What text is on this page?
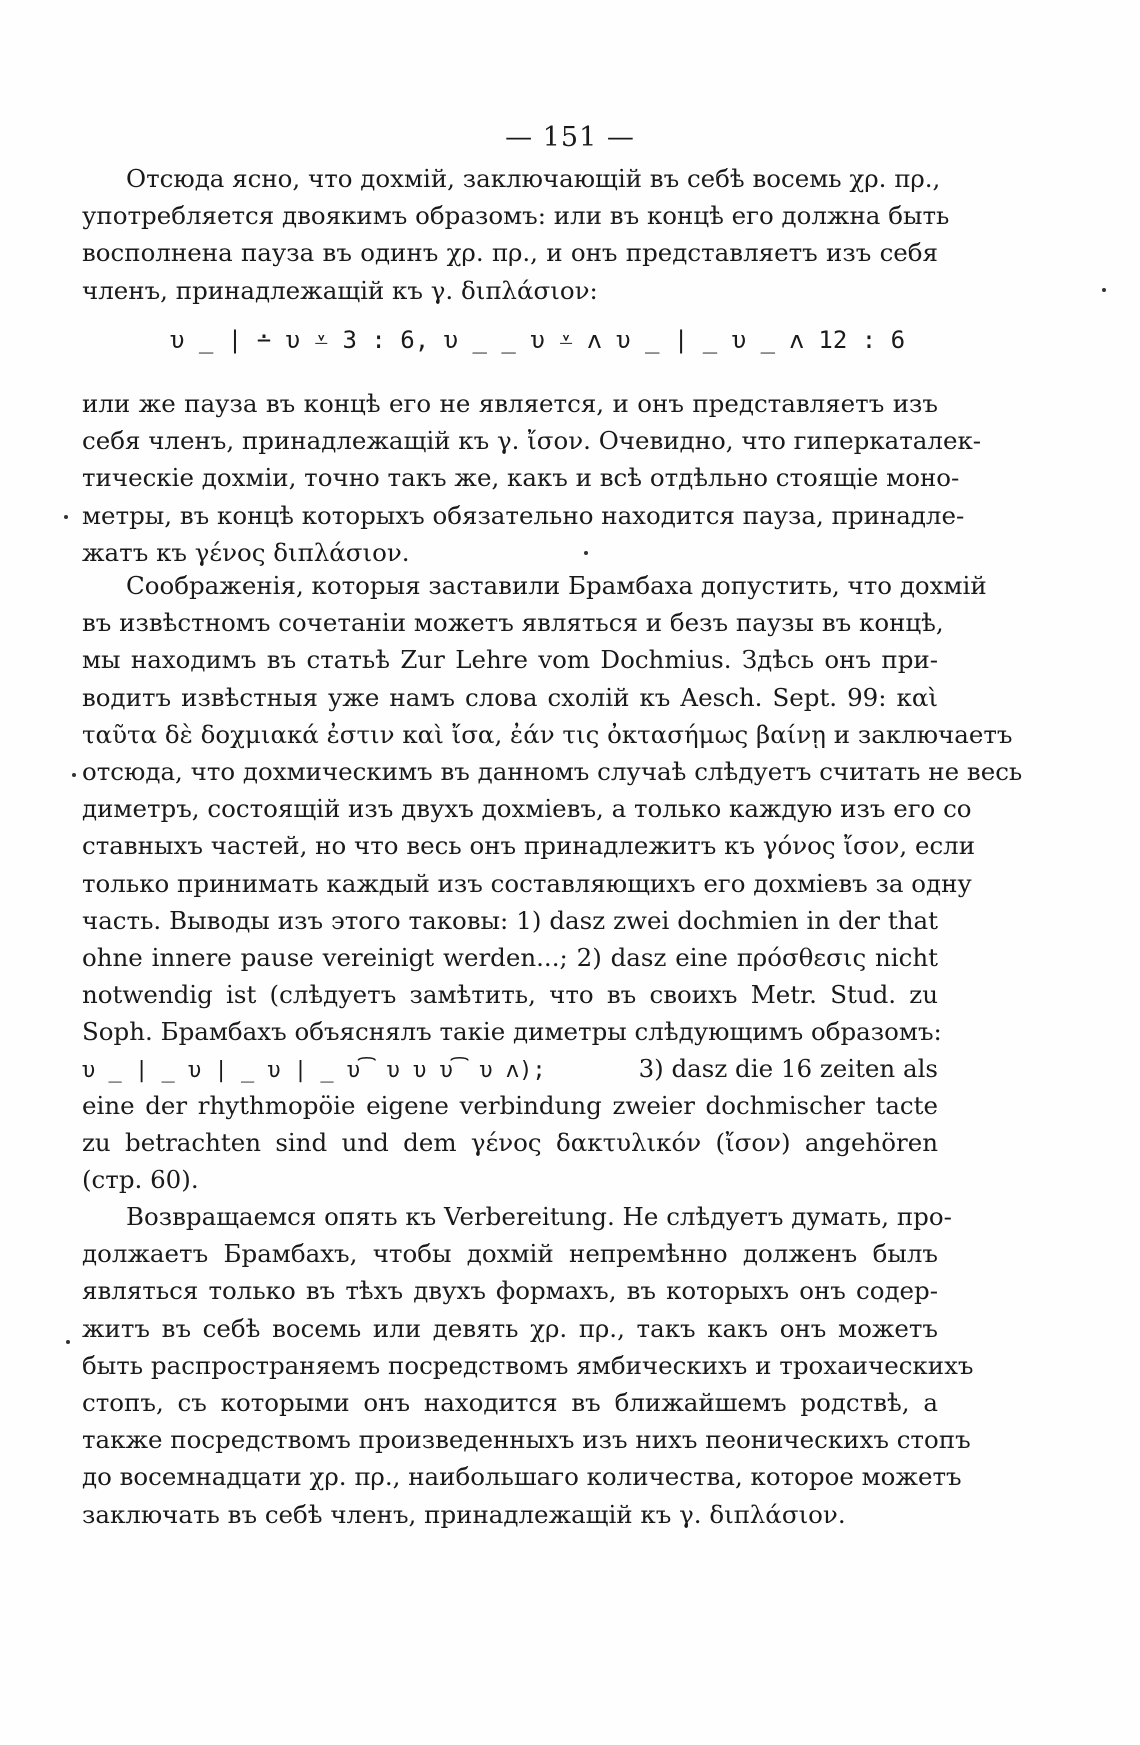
— 151 —
Отсюда ясно, что дохмій, заключающій въ себѣ восемь χρ. πρ.,
употребляется двоякимъ образомъ: или въ концѣ его должна быть
восполнена пауза въ одинъ χρ. πρ., и онъ представляетъ изъ себя
членъ, принадлежащій къ γ. διπλάσιον:
υ _ | ∸ υ ⩡ 3 : 6, υ _ _ υ ⩡ ʌ υ _ | _ υ _ ʌ 12 : 6
или же пауза въ концѣ его не является, и онъ представляетъ изъ
себя членъ, принадлежащій къ γ. ἴσον. Очевидно, что гиперкаталек-
тическіе дохміи, точно такъ же, какъ и всѣ отдѣльно стоящіе моно-
метры, въ концѣ которыхъ обязательно находится пауза, принадле-
жатъ къ γένος διπλάσιον.
Соображенія, которыя заставили Брамбаха допустить, что дохмій
въ извѣстномъ сочетаніи можетъ являться и безъ паузы въ концѣ,
мы находимъ въ статьѣ Zur Lehre vom Dochmius. Здѣсь онъ при-
водитъ извѣстныя уже намъ слова схолій къ Aesch. Sept. 99: καὶ
ταῦτα δὲ δοχμιακά ἐστιν καὶ ἴσα, ἐάν τις ὀκτασήμως βαίνῃ и заключаетъ
отсюда, что дохмическимъ въ данномъ случаѣ слѣдуетъ считать не весь
диметръ, состоящій изъ двухъ дохміевъ, а только каждую изъ его со
ставныхъ частей, но что весь онъ принадлежитъ къ γόνος ἴσον, если
только принимать каждый изъ составляющихъ его дохміевъ за одну
часть. Выводы изъ этого таковы: 1) dasz zwei dochmien in der that
ohne innere pause vereinigt werden...; 2) dasz eine πρόσθεσις nicht
notwendig ist (слѣдуетъ замѣтить, что въ своихъ Metr. Stud. zu
Soph. Брамбахъ объяснялъ такіе диметры слѣдующимъ образомъ:
υ _ | _ υ | _ υ | _ υ͡ υ υ υ͡ υ ʌ);	3) dasz die 16 zeiten als
eine der rhythmopöie eigene verbindung zweier dochmischer tacte
zu betrachten sind und dem γένος δακτυλικόν (ἴσον) angehören
(стр. 60).
Возвращаемся опять къ Verbereitung. Не слѣдуетъ думать, про-
должаетъ Брамбахъ, чтобы дохмій непремѣнно долженъ былъ
являться только въ тѣхъ двухъ формахъ, въ которыхъ онъ содер-
житъ въ себѣ восемь или девять χρ. πρ., такъ какъ онъ можетъ
быть распространяемъ посредствомъ ямбическихъ и трохаическихъ
стопъ, съ которыми онъ находится въ ближайшемъ родствѣ, а
также посредствомъ произведенныхъ изъ нихъ пеоническихъ стопъ
до восемнадцати χρ. πρ., наибольшаго количества, которое можетъ
заключать въ себѣ членъ, принадлежащій къ γ. διπλάσιον.
